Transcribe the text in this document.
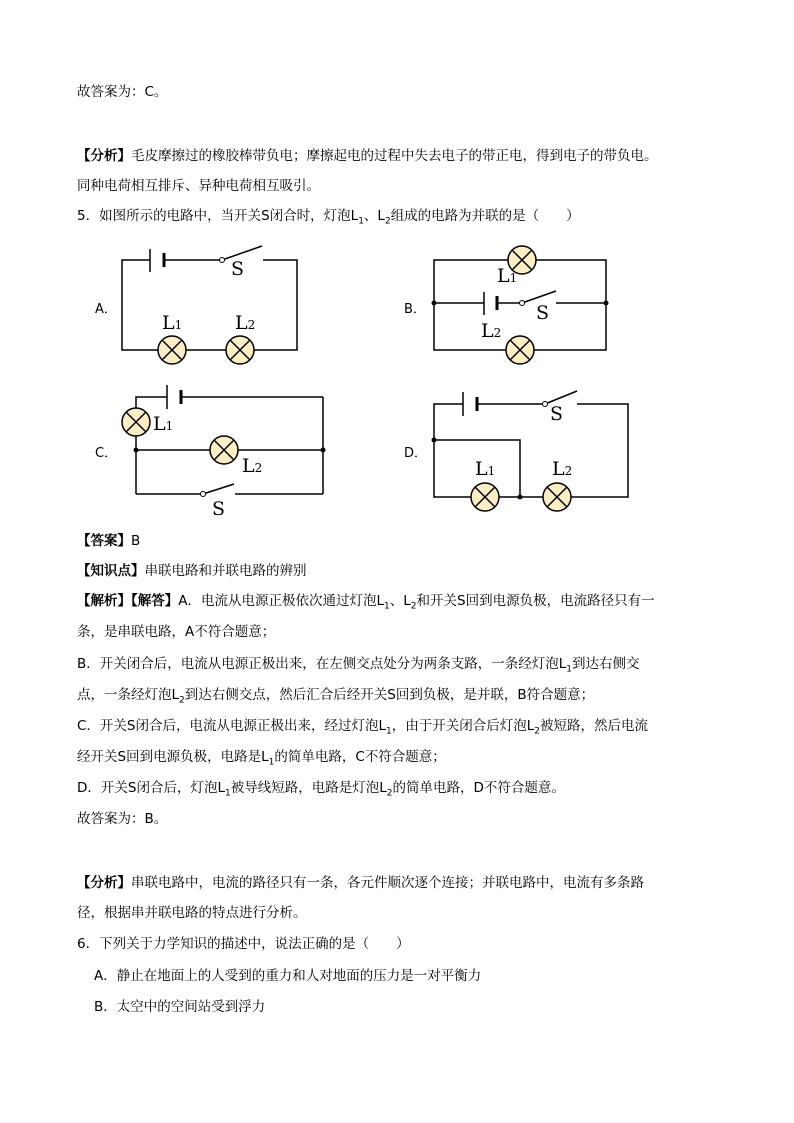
故答案为：C。
【分析】毛皮摩擦过的橡胶棒带负电；摩擦起电的过程中失去电子的带正电，得到电子的带负电。
同种电荷相互排斥、异种电荷相互吸引。
5．如图所示的电路中，当开关S闭合时，灯泡$L_1$、$L_2$组成的电路为并联的是（　　）
A．
S
L1	L2
B．
L1
S
L2
C．
L1
L2
S
D．
S
L1	L2
【答案】B
【知识点】串联电路和并联电路的辨别
【解析】【解答】A．电流从电源正极依次通过灯泡$L_1$、$L_2$和开关S回到电源负极，电流路径只有一
条，是串联电路，A不符合题意；
B．开关闭合后，电流从电源正极出来，在左侧交点处分为两条支路，一条经灯泡$L_1$到达右侧交
点，一条经灯泡$L_2$到达右侧交点，然后汇合后经开关S回到负极，是并联，B符合题意；
C．开关S闭合后，电流从电源正极出来，经过灯泡$L_1$，由于开关闭合后灯泡$L_2$被短路，然后电流
经开关S回到电源负极，电路是$L_1$的简单电路，C不符合题意；
D．开关S闭合后，灯泡$L_1$被导线短路，电路是灯泡$L_2$的简单电路，D不符合题意。
故答案为：B。
【分析】串联电路中，电流的路径只有一条，各元件顺次逐个连接；并联电路中，电流有多条路
径，根据串并联电路的特点进行分析。
6．下列关于力学知识的描述中，说法正确的是（　　）
A．静止在地面上的人受到的重力和人对地面的压力是一对平衡力
B．太空中的空间站受到浮力
